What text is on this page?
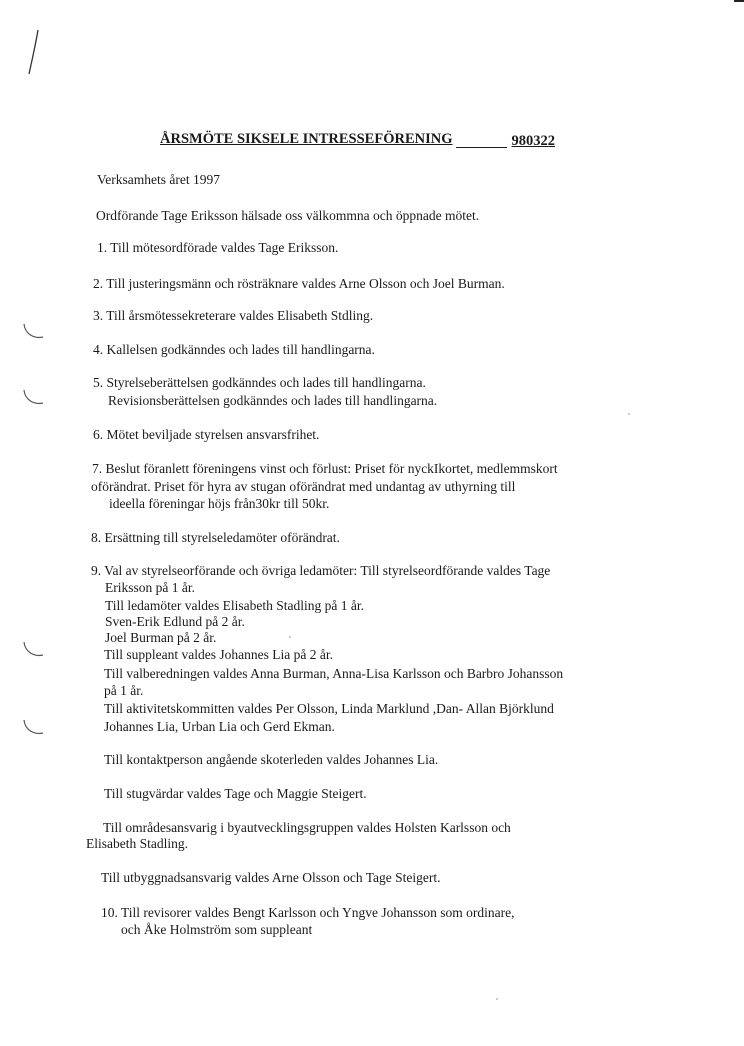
ÅRSMÖTE SIKSELE INTRESSEFÖRENING	980322
Verksamhets året 1997
Ordförande Tage Eriksson hälsade oss välkommna och öppnade mötet.
1. Till mötesordförade valdes Tage Eriksson.
2. Till justeringsmänn och rösträknare valdes Arne Olsson och Joel Burman.
3. Till årsmötessekreterare valdes Elisabeth Stdling.
4. Kallelsen godkänndes och lades till handlingarna.
5. Styrelseberättelsen godkänndes och lades till handlingarna.
Revisionsberättelsen godkänndes och lades till handlingarna.
6. Mötet beviljade styrelsen ansvarsfrihet.
7. Beslut föranlett föreningens vinst och förlust: Priset för nyckIkortet, medlemmskort
oförändrat. Priset för hyra av stugan oförändrat med undantag av uthyrning till
ideella föreningar höjs från30kr till 50kr.
8. Ersättning till styrelseledamöter oförändrat.
9. Val av styrelseorförande och övriga ledamöter: Till styrelseordförande valdes Tage
Eriksson på 1 år.
Till ledamöter valdes Elisabeth Stadling på 1 år.
Sven-Erik Edlund på 2 år.
Joel Burman på 2 år.
Till suppleant valdes Johannes Lia på 2 år.
Till valberedningen valdes Anna Burman, Anna-Lisa Karlsson och Barbro Johansson
på 1 år.
Till aktivitetskommitten valdes Per Olsson, Linda Marklund ,Dan- Allan Björklund
Johannes Lia, Urban Lia och Gerd Ekman.
Till kontaktperson angående skoterleden valdes Johannes Lia.
Till stugvärdar valdes Tage och Maggie Steigert.
Till områdesansvarig i byautvecklingsgruppen valdes Holsten Karlsson och
Elisabeth Stadling.
Till utbyggnadsansvarig valdes Arne Olsson och Tage Steigert.
10. Till revisorer valdes Bengt Karlsson och Yngve Johansson som ordinare,
och Åke Holmström som suppleant
